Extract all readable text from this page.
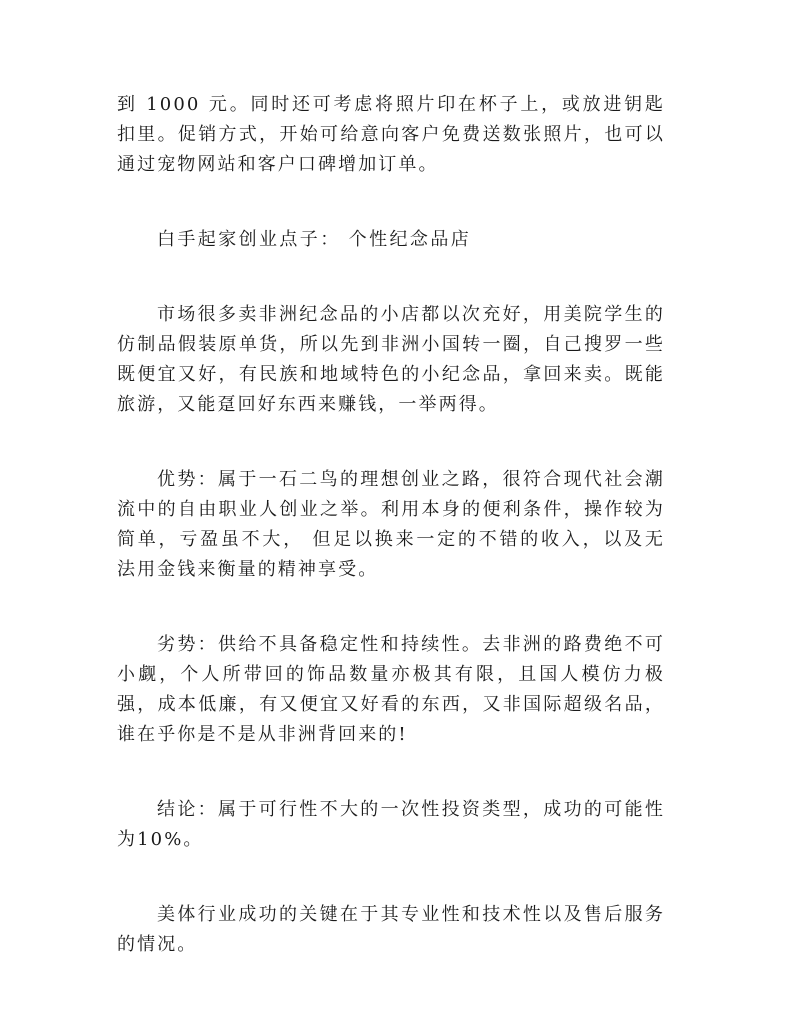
到 1000 元。同时还可考虑将照片印在杯子上，或放进钥匙扣里。促销方式，开始可给意向客户免费送数张照片，也可以通过宠物网站和客户口碑增加订单。

白手起家创业点子： 个性纪念品店

市场很多卖非洲纪念品的小店都以次充好，用美院学生的仿制品假装原单货，所以先到非洲小国转一圈，自己搜罗一些既便宜又好，有民族和地域特色的小纪念品，拿回来卖。既能旅游，又能趸回好东西来赚钱，一举两得。

优势：属于一石二鸟的理想创业之路，很符合现代社会潮流中的自由职业人创业之举。利用本身的便利条件，操作较为简单，亏盈虽不大， 但足以换来一定的不错的收入，以及无法用金钱来衡量的精神享受。

劣势：供给不具备稳定性和持续性。去非洲的路费绝不可小觑，个人所带回的饰品数量亦极其有限，且国人模仿力极强，成本低廉，有又便宜又好看的东西，又非国际超级名品，谁在乎你是不是从非洲背回来的!

结论：属于可行性不大的一次性投资类型，成功的可能性为10%。

美体行业成功的关键在于其专业性和技术性以及售后服务的情况。
